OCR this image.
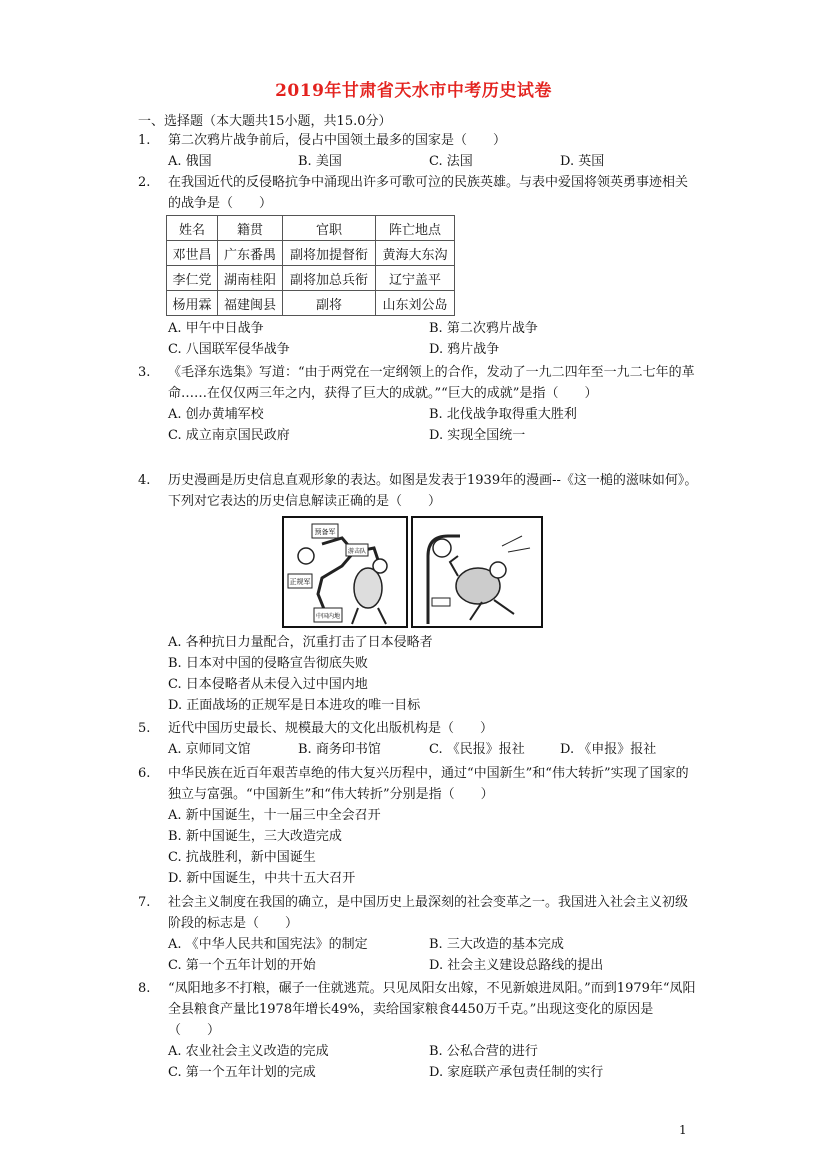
2019年甘肃省天水市中考历史试卷
一、选择题（本大题共15小题，共15.0分）
1.	第二次鸦片战争前后，侵占中国领土最多的国家是（　　）
A. 俄国	B. 美国	C. 法国	D. 英国
2.	在我国近代的反侵略抗争中涌现出许多可歌可泣的民族英雄。与表中爱国将领英勇事迹相关的战争是（　　）
姓名	籍贯	官职	阵亡地点
邓世昌	广东番禺	副将加提督衔	黄海大东沟
李仁党	湖南桂阳	副将加总兵衔	辽宁盖平
杨用霖	福建闽县	副将	山东刘公岛
A. 甲午中日战争	B. 第二次鸦片战争
C. 八国联军侵华战争	D. 鸦片战争
3.	《毛泽东选集》写道：“由于两党在一定纲领上的合作，发动了一九二四年至一九二七年的革命……在仅仅两三年之内，获得了巨大的成就。”“巨大的成就”是指（　　）
A. 创办黄埔军校	B. 北伐战争取得重大胜利
C. 成立南京国民政府	D. 实现全国统一
4.	历史漫画是历史信息直观形象的表达。如图是发表于1939年的漫画--《这一槌的滋味如何》。下列对它表达的历史信息解读正确的是（　　）
预备军
游击队
正规军
中国内地
A. 各种抗日力量配合，沉重打击了日本侵略者
B. 日本对中国的侵略宣告彻底失败
C. 日本侵略者从未侵入过中国内地
D. 正面战场的正规军是日本进攻的唯一目标
5.	近代中国历史最长、规模最大的文化出版机构是（　　）
A. 京师同文馆	B. 商务印书馆	C. 《民报》报社	D. 《申报》报社
6.	中华民族在近百年艰苦卓绝的伟大复兴历程中，通过“中国新生”和“伟大转折”实现了国家的独立与富强。“中国新生”和“伟大转折”分别是指（　　）
A. 新中国诞生，十一届三中全会召开
B. 新中国诞生，三大改造完成
C. 抗战胜利，新中国诞生
D. 新中国诞生，中共十五大召开
7.	社会主义制度在我国的确立，是中国历史上最深刻的社会变革之一。我国进入社会主义初级阶段的标志是（　　）
A. 《中华人民共和国宪法》的制定	B. 三大改造的基本完成
C. 第一个五年计划的开始	D. 社会主义建设总路线的提出
8.	“凤阳地多不打粮，碾子一住就逃荒。只见凤阳女出嫁，不见新娘进凤阳。”而到1979年“凤阳全县粮食产量比1978年增长49%，卖给国家粮食4450万千克。”出现这变化的原因是（　　）
A. 农业社会主义改造的完成	B. 公私合营的进行
C. 第一个五年计划的完成	D. 家庭联产承包责任制的实行
1
